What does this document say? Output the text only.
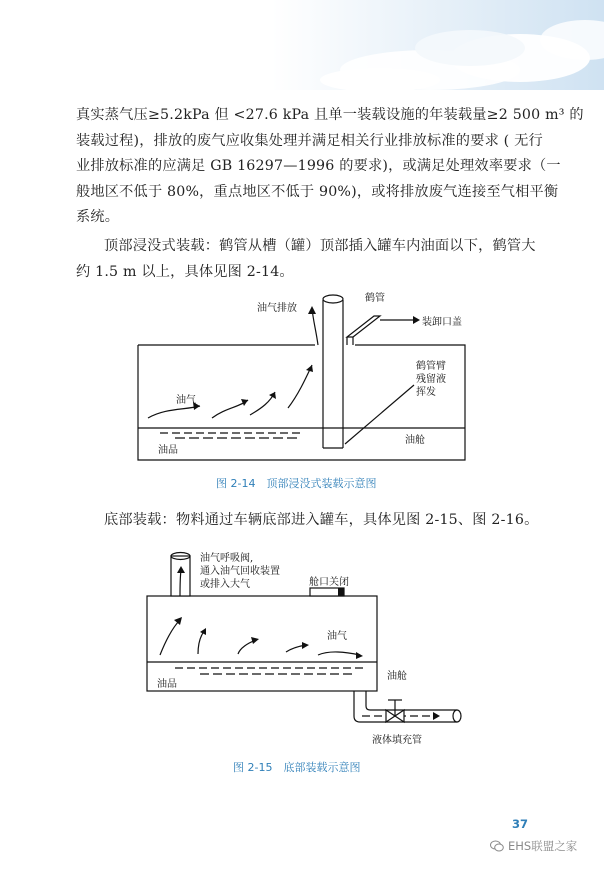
真实蒸气压≥5.2kPa 但 <27.6 kPa 且单一装载设施的年装载量≥2 500 m³ 的
装载过程)，排放的废气应收集处理并满足相关行业排放标准的要求 ( 无行
业排放标准的应满足 GB 16297—1996 的要求)，或满足处理效率要求（一
般地区不低于 80%，重点地区不低于 90%)，或将排放废气连接至气相平衡
系统。
顶部浸没式装载：鹤管从槽（罐）顶部插入罐车内油面以下，鹤管大
约 1.5 m 以上，具体见图 2-14。
底部装载：物料通过车辆底部进入罐车，具体见图 2-15、图 2-16。
油气排放
鹤管
装卸口盖
鹤管臂
残留液
挥发
油气
油舱
油品
图 2-14　顶部浸没式装载示意图
油气呼吸阀,
通入油气回收装置
或排入大气	舱口关闭
油气
油舱
油品
液体填充管
图 2-15　底部装载示意图
37
EHS联盟之家
